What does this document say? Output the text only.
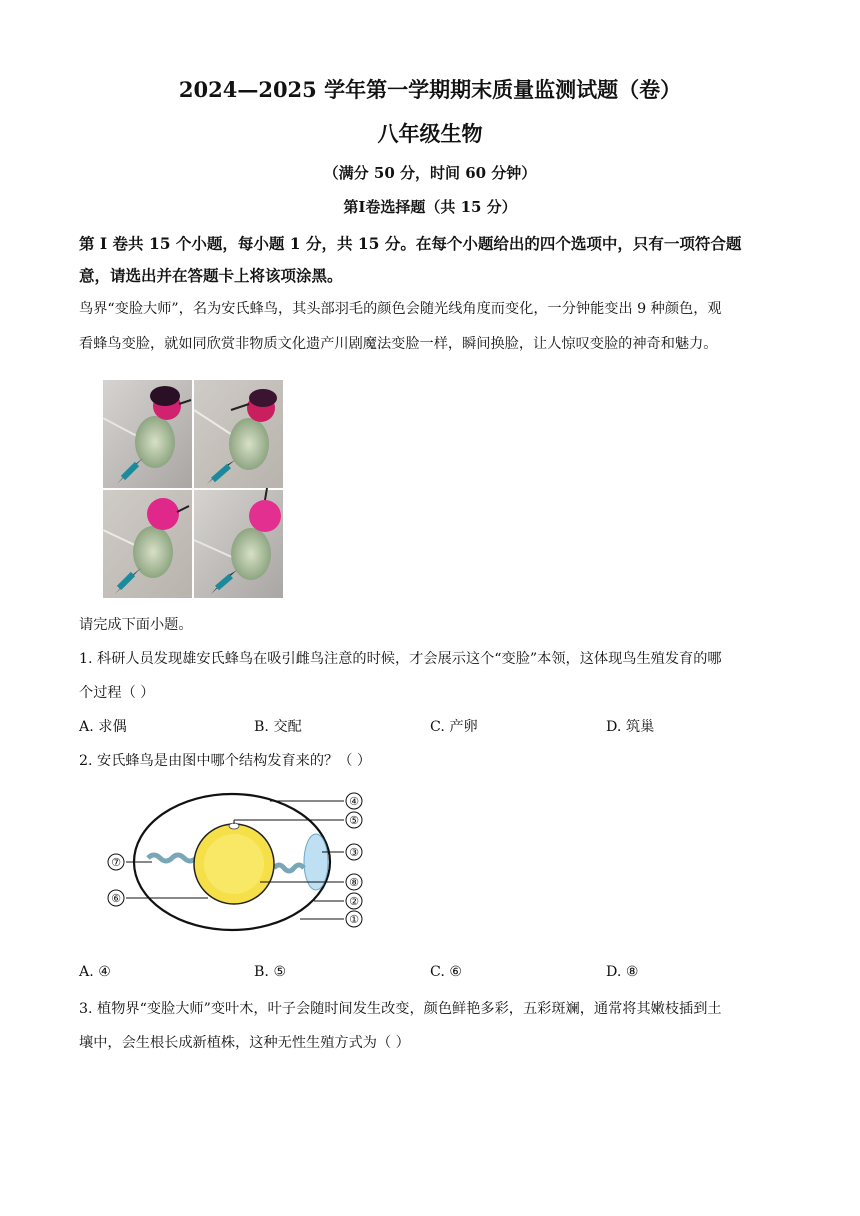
2024—2025 学年第一学期期末质量监测试题（卷）
八年级生物
（满分 50 分，时间 60 分钟）
第Ⅰ卷选择题（共 15 分）
第 I 卷共 15 个小题，每小题 1 分，共 15 分。在每个小题给出的四个选项中，只有一项符合题
意，请选出并在答题卡上将该项涂黑。
鸟界“变脸大师”，名为安氏蜂鸟，其头部羽毛的颜色会随光线角度而变化，一分钟能变出 9 种颜色，观
看蜂鸟变脸，就如同欣赏非物质文化遗产川剧魔法变脸一样，瞬间换脸，让人惊叹变脸的神奇和魅力。
请完成下面小题。
1. 科研人员发现雄安氏蜂鸟在吸引雌鸟注意的时候，才会展示这个“变脸”本领，这体现鸟生殖发育的哪
个过程（ ）
A. 求偶	B. 交配	C. 产卵	D. 筑巢
2. 安氏蜂鸟是由图中哪个结构发育来的？（ ）
④
⑤
⑦
③
⑧
⑥	②
①
A. ④	B. ⑤	C. ⑥	D. ⑧
3. 植物界“变脸大师”变叶木，叶子会随时间发生改变，颜色鲜艳多彩，五彩斑斓，通常将其嫩枝插到土
壤中，会生根长成新植株，这种无性生殖方式为（ ）
